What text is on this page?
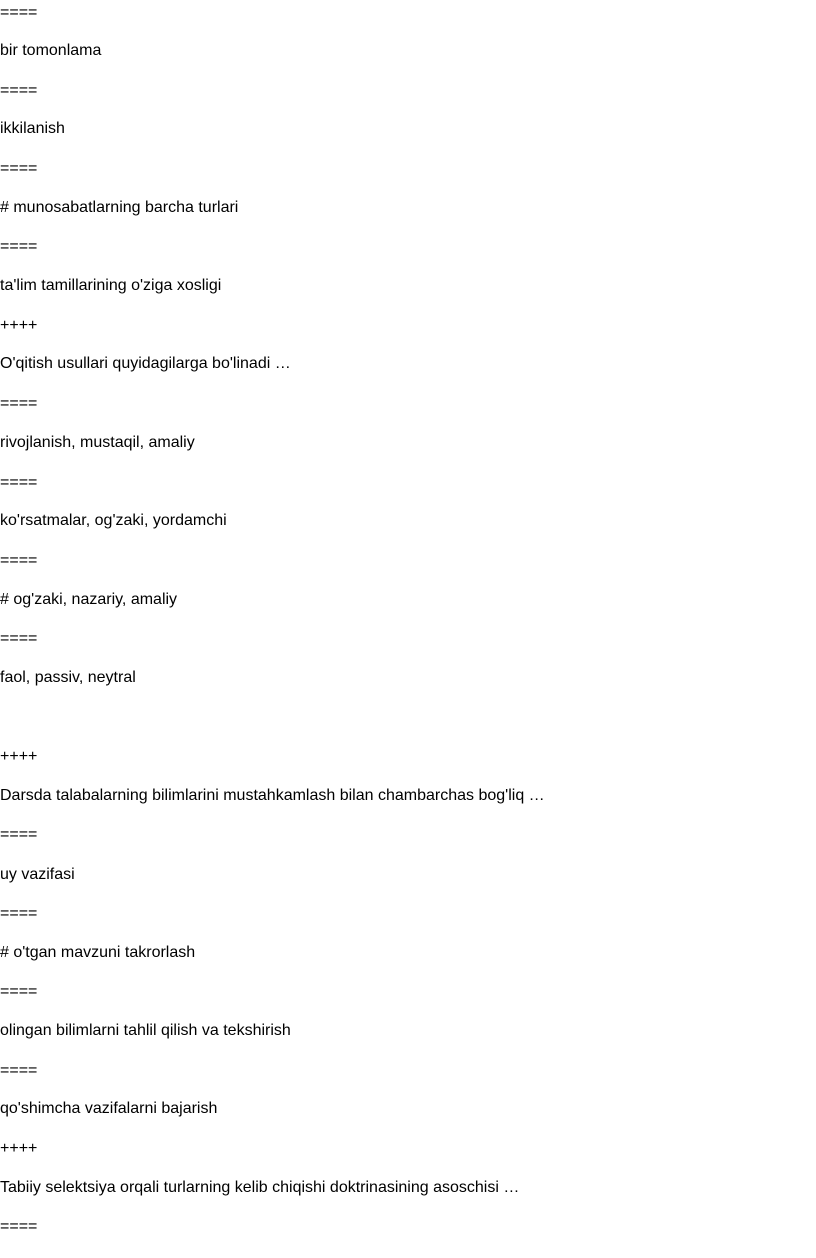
====
bir tomonlama
====
ikkilanish
====
# munosabatlarning barcha turlari
====
ta'lim tamillarining o'ziga xosligi
++++
O'qitish usullari quyidagilarga bo'linadi …
====
rivojlanish, mustaqil, amaliy
====
ko'rsatmalar, og'zaki, yordamchi
====
# og'zaki, nazariy, amaliy
====
faol, passiv, neytral
++++
Darsda talabalarning bilimlarini mustahkamlash bilan chambarchas bog'liq …
====
uy vazifasi
====
# o'tgan mavzuni takrorlash
====
olingan bilimlarni tahlil qilish va tekshirish
====
qo'shimcha vazifalarni bajarish
++++
Tabiiy selektsiya orqali turlarning kelib chiqishi doktrinasining asoschisi …
====
